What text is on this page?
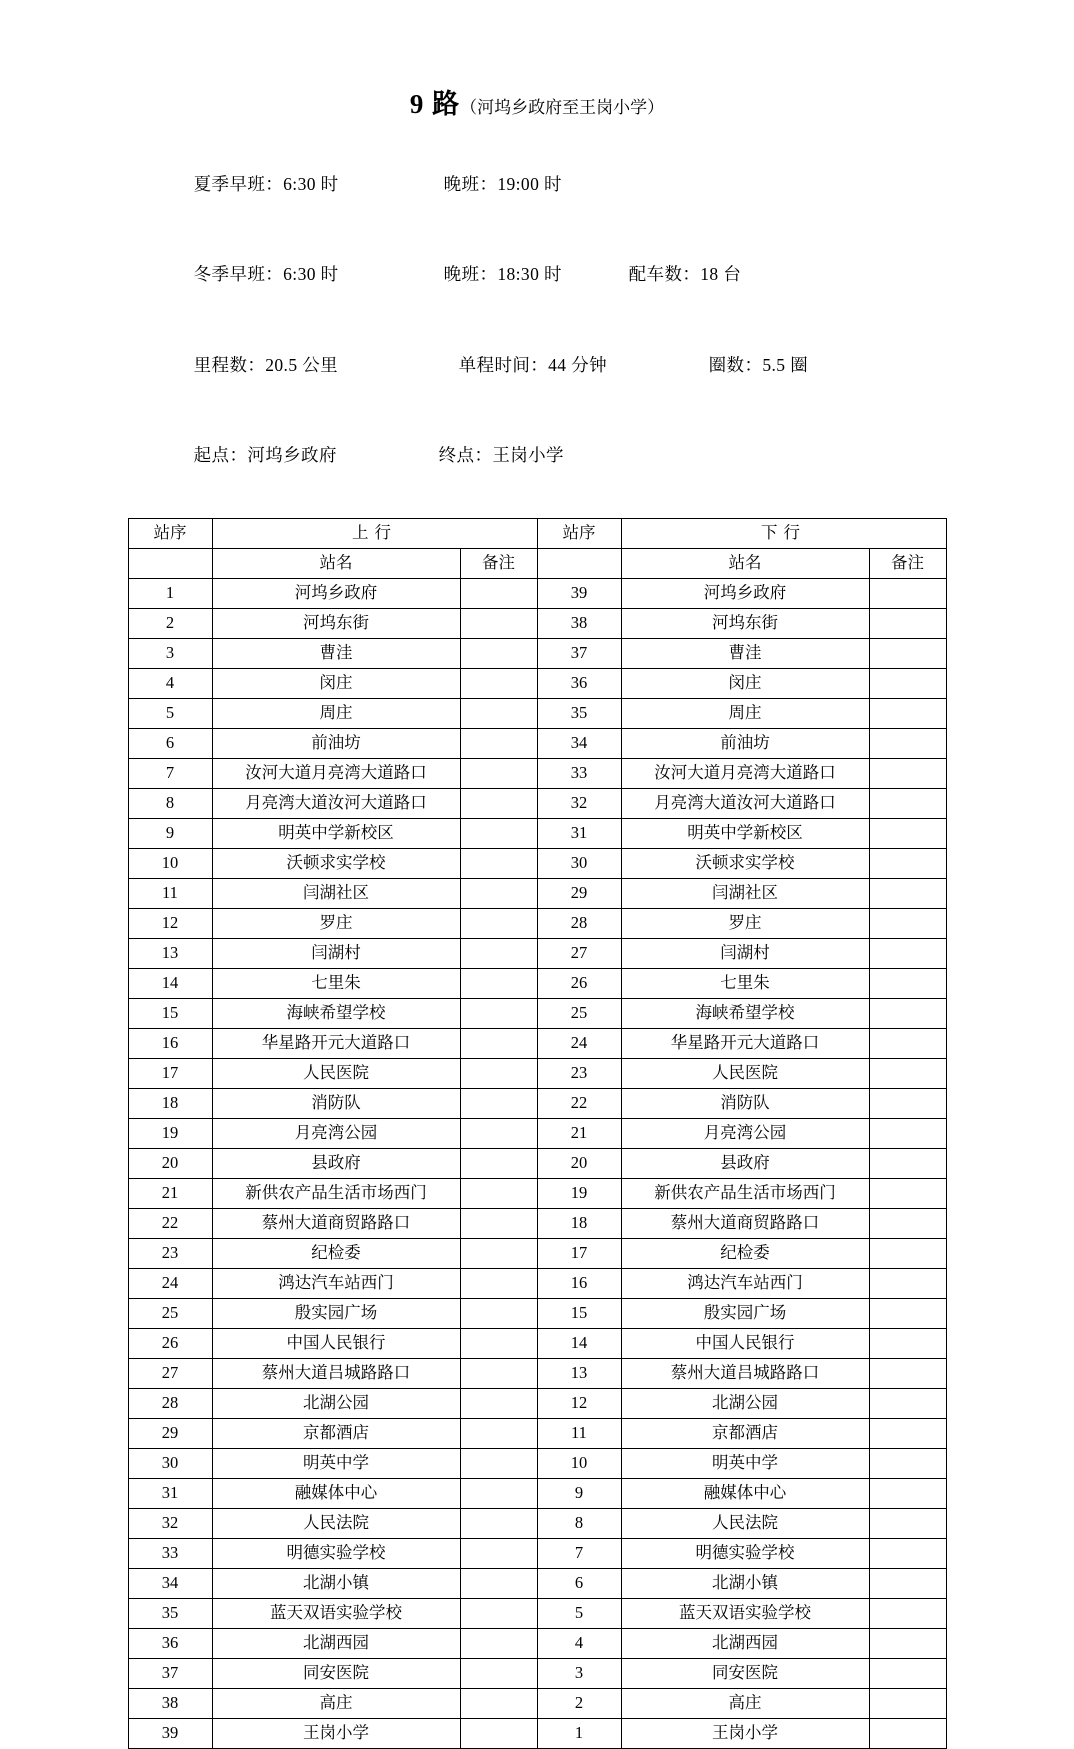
9 路（河坞乡政府至王岗小学）

夏季早班：6:30 时	晚班：19:00 时

冬季早班：6:30 时	晚班：18:30 时	配车数：18 台

里程数：20.5 公里	单程时间：44 分钟	圈数：5.5 圈

起点：河坞乡政府	终点：王岗小学

站序	上行		站序	下行	
	站名	备注		站名	备注
1	河坞乡政府		39	河坞乡政府	
2	河坞东街		38	河坞东街	
3	曹洼		37	曹洼	
4	闵庄		36	闵庄	
5	周庄		35	周庄	
6	前油坊		34	前油坊	
7	汝河大道月亮湾大道路口		33	汝河大道月亮湾大道路口	
8	月亮湾大道汝河大道路口		32	月亮湾大道汝河大道路口	
9	明英中学新校区		31	明英中学新校区	
10	沃顿求实学校		30	沃顿求实学校	
11	闫湖社区		29	闫湖社区	
12	罗庄		28	罗庄	
13	闫湖村		27	闫湖村	
14	七里朱		26	七里朱	
15	海峡希望学校		25	海峡希望学校	
16	华星路开元大道路口		24	华星路开元大道路口	
17	人民医院		23	人民医院	
18	消防队		22	消防队	
19	月亮湾公园		21	月亮湾公园	
20	县政府		20	县政府	
21	新供农产品生活市场西门		19	新供农产品生活市场西门	
22	蔡州大道商贸路路口		18	蔡州大道商贸路路口	
23	纪检委		17	纪检委	
24	鸿达汽车站西门		16	鸿达汽车站西门	
25	殷实园广场		15	殷实园广场	
26	中国人民银行		14	中国人民银行	
27	蔡州大道吕城路路口		13	蔡州大道吕城路路口	
28	北湖公园		12	北湖公园	
29	京都酒店		11	京都酒店	
30	明英中学		10	明英中学	
31	融媒体中心		9	融媒体中心	
32	人民法院		8	人民法院	
33	明德实验学校		7	明德实验学校	
34	北湖小镇		6	北湖小镇	
35	蓝天双语实验学校		5	蓝天双语实验学校	
36	北湖西园		4	北湖西园	
37	同安医院		3	同安医院	
38	高庄		2	高庄	
39	王岗小学		1	王岗小学	
